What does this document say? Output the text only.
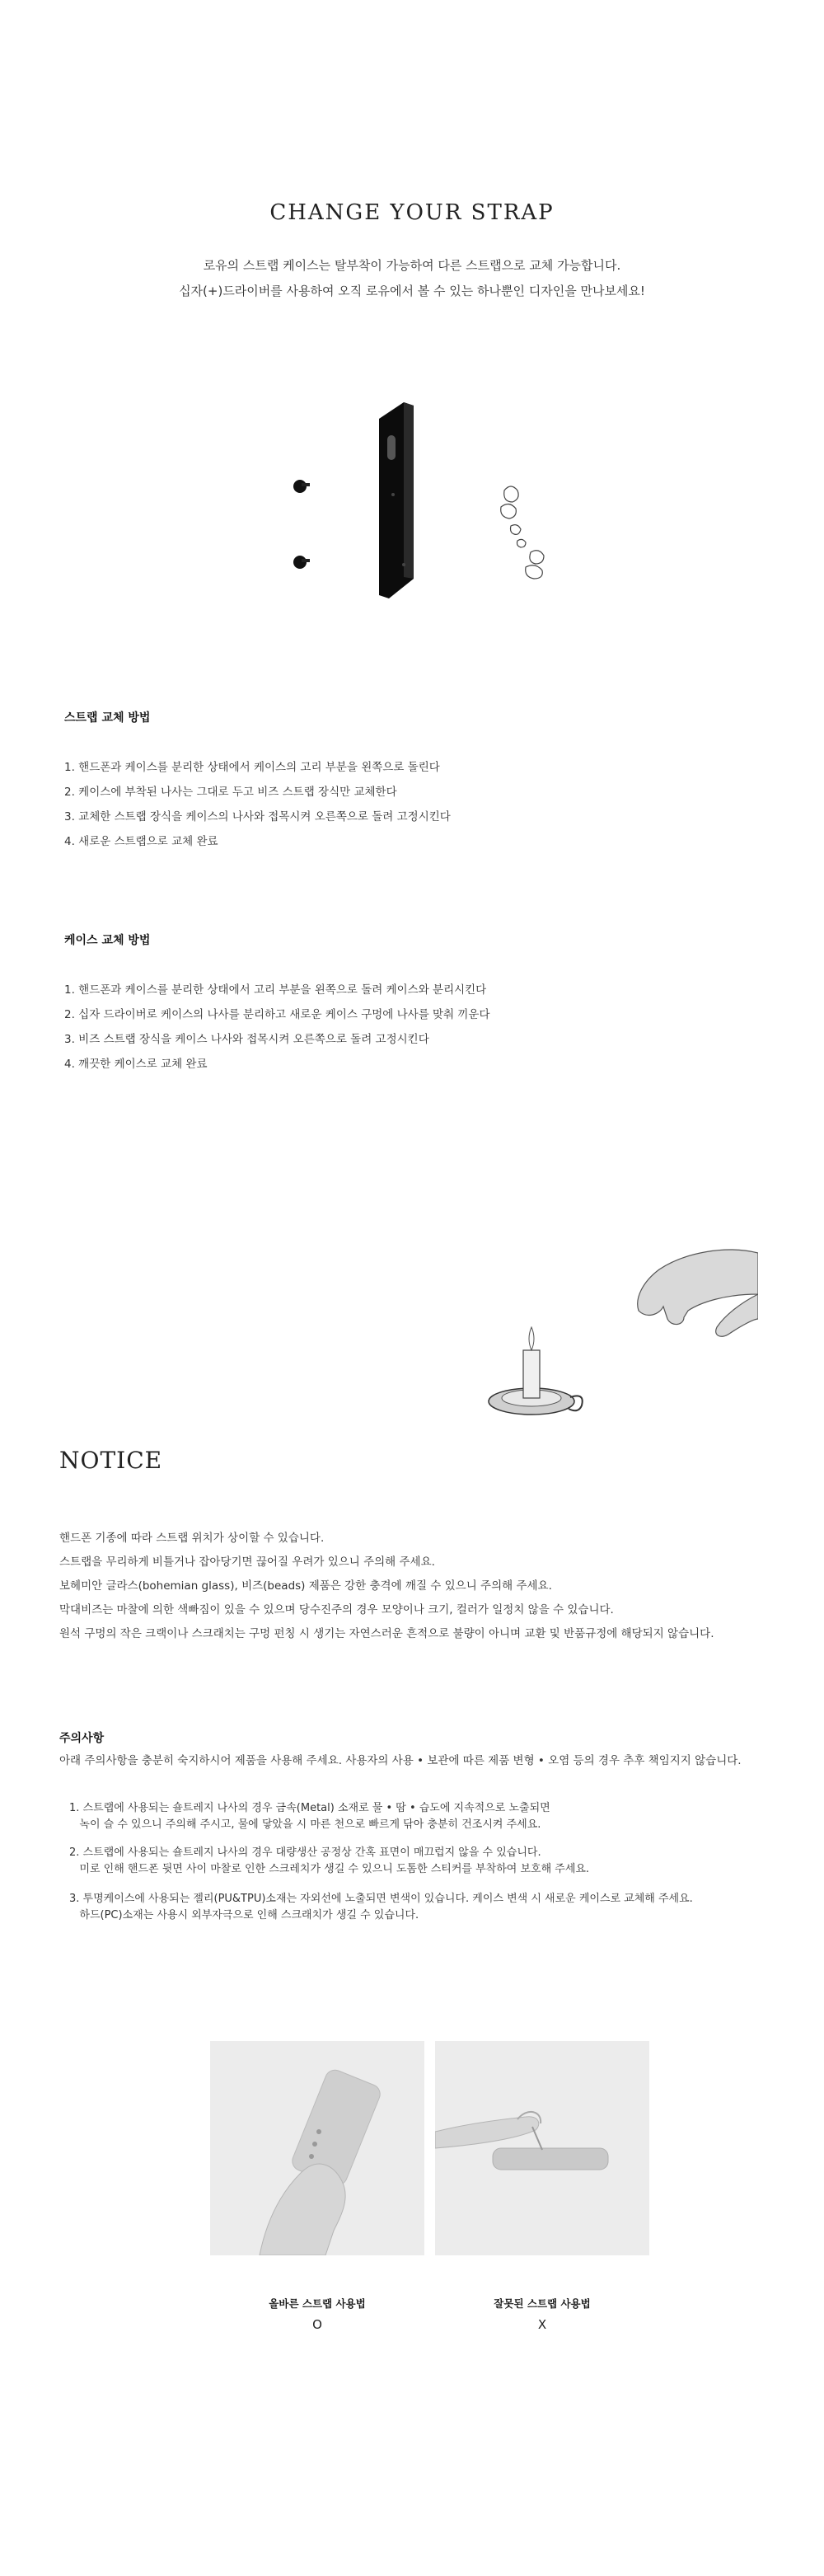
CHANGE YOUR STRAP
로유의 스트랩 케이스는 탈부착이 가능하여 다른 스트랩으로 교체 가능합니다.
십자(+)드라이버를 사용하여 오직 로유에서 볼 수 있는 하나뿐인 디자인을 만나보세요!
스트랩 교체 방법
1. 핸드폰과 케이스를 분리한 상태에서 케이스의 고리 부분을 왼쪽으로 돌린다
2. 케이스에 부착된 나사는 그대로 두고 비즈 스트랩 장식만 교체한다
3. 교체한 스트랩 장식을 케이스의 나사와 접목시켜 오른쪽으로 돌려 고정시킨다
4. 새로운 스트랩으로 교체 완료
케이스 교체 방법
1. 핸드폰과 케이스를 분리한 상태에서 고리 부분을 왼쪽으로 돌려 케이스와 분리시킨다
2. 십자 드라이버로 케이스의 나사를 분리하고 새로운 케이스 구멍에 나사를 맞춰 끼운다
3. 비즈 스트랩 장식을 케이스 나사와 접목시켜 오른쪽으로 돌려 고정시킨다
4. 깨끗한 케이스로 교체 완료
NOTICE
핸드폰 기종에 따라 스트랩 위치가 상이할 수 있습니다.
스트랩을 무리하게 비틀거나 잡아당기면 끊어질 우려가 있으니 주의해 주세요.
보헤미안 글라스(bohemian glass), 비즈(beads) 제품은 강한 충격에 깨질 수 있으니 주의해 주세요.
막대비즈는 마찰에 의한 색빠짐이 있을 수 있으며 당수진주의 경우 모양이나 크기, 컬러가 일정치 않을 수 있습니다.
원석 구멍의 작은 크랙이나 스크래치는 구멍 펀칭 시 생기는 자연스러운 흔적으로 불량이 아니며 교환 및 반품규정에 해당되지 않습니다.
주의사항
아래 주의사항을 충분히 숙지하시어 제품을 사용해 주세요. 사용자의 사용 • 보관에 따른 제품 변형 • 오염 등의 경우 추후 책임지지 않습니다.
1. 스트랩에 사용되는 숄트레지 나사의 경우 금속(Metal) 소재로 물 • 땀 • 습도에 지속적으로 노출되면
녹이 슬 수 있으니 주의해 주시고, 물에 닿았을 시 마른 천으로 빠르게 닦아 충분히 건조시켜 주세요.
2. 스트랩에 사용되는 숄트레지 나사의 경우 대량생산 공정상 간혹 표면이 매끄럽지 않을 수 있습니다.
미로 인해 핸드폰 뒷면 사이 마찰로 인한 스크레치가 생길 수 있으니 도톰한 스티커를 부착하여 보호해 주세요.
3. 투명케이스에 사용되는 젤리(PU&TPU)소재는 자외선에 노출되면 변색이 있습니다. 케이스 변색 시 새로운 케이스로 교체해 주세요.
하드(PC)소재는 사용시 외부자극으로 인해 스크래치가 생길 수 있습니다.
올바른 스트랩 사용법
O
잘못된 스트랩 사용법
X
